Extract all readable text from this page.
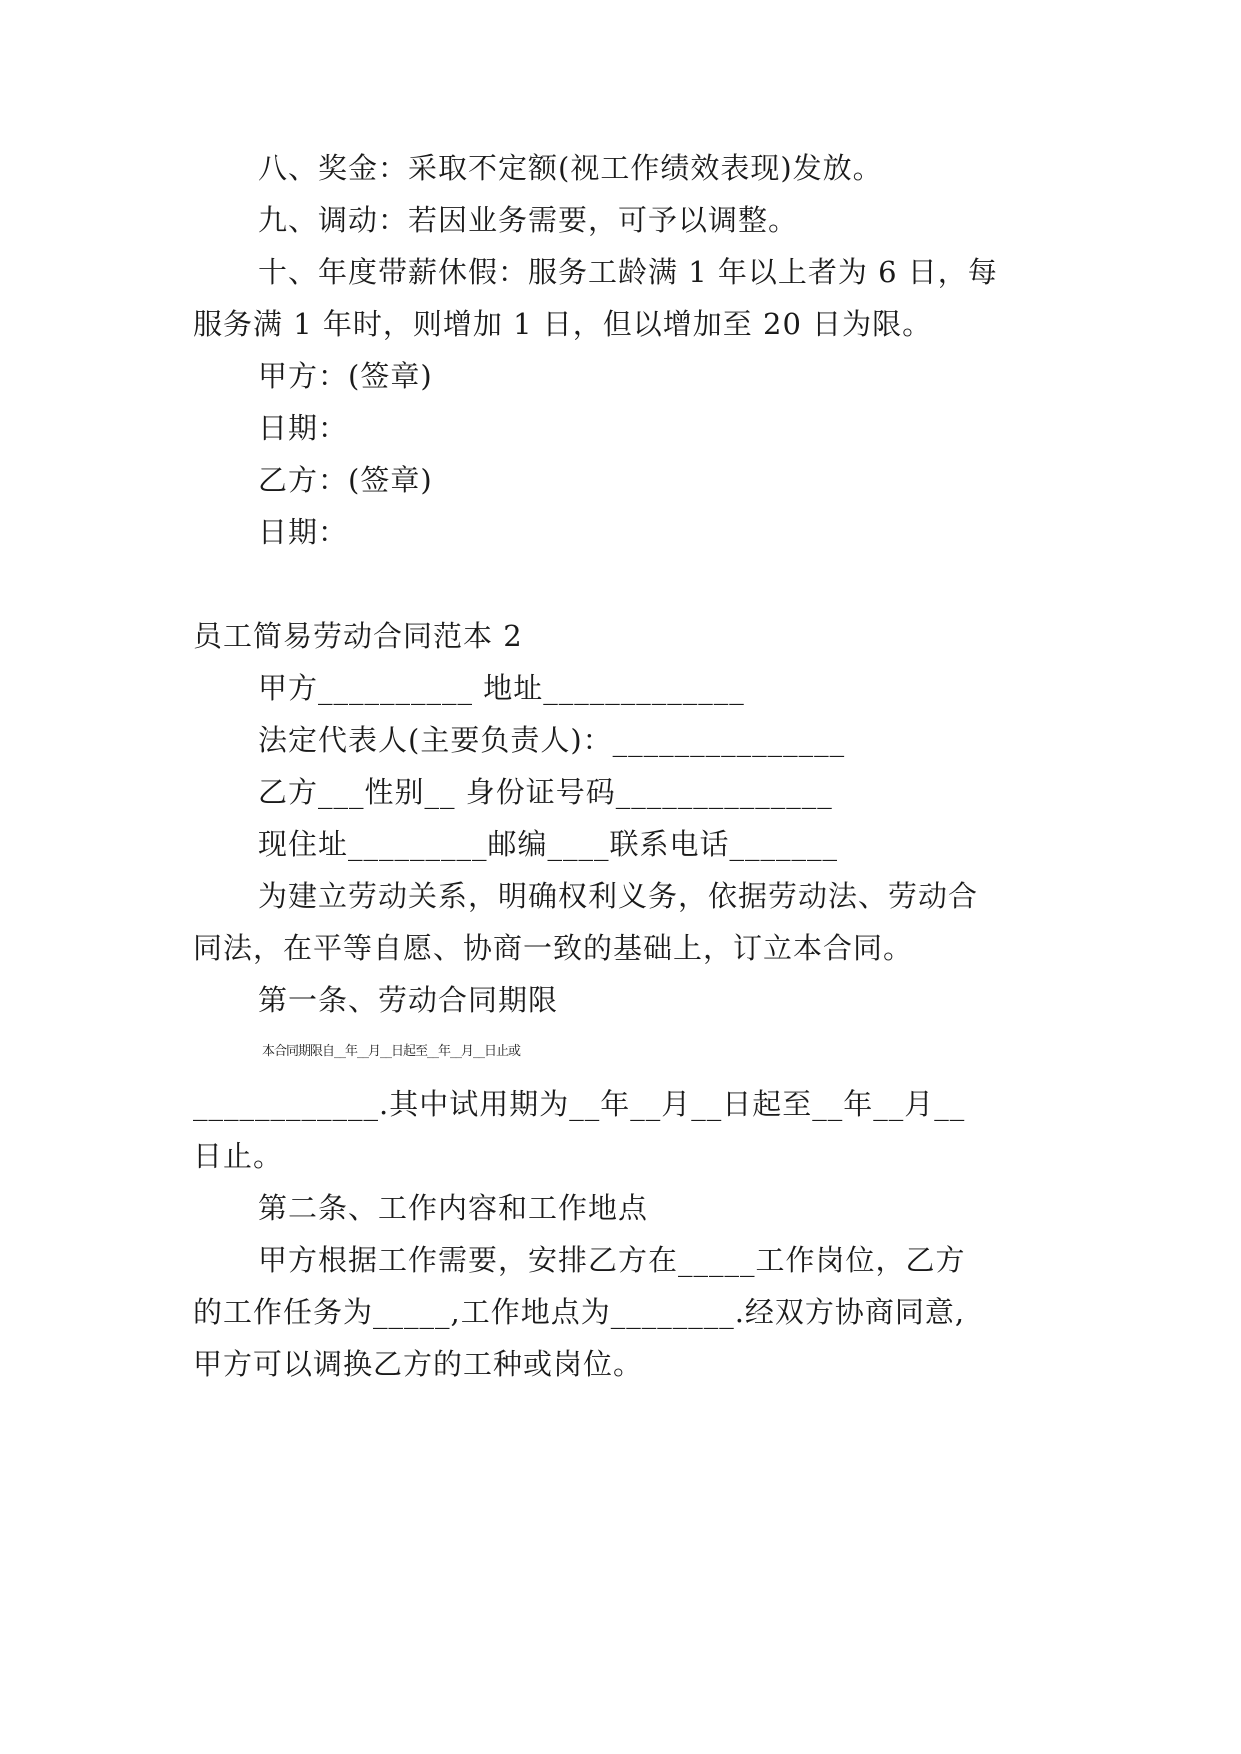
八、奖金：采取不定额(视工作绩效表现)发放。
九、调动：若因业务需要，可予以调整。
十、年度带薪休假：服务工龄满 1 年以上者为 6 日，每
服务满 1 年时，则增加 1 日，但以增加至 20 日为限。
甲方：(签章)
日期：
乙方：(签章)
日期：
员工简易劳动合同范本 2
甲方__________ 地址_____________
法定代表人(主要负责人)：_______________
乙方___性别__ 身份证号码______________
现住址_________邮编____联系电话_______
为建立劳动关系，明确权利义务，依据劳动法、劳动合
同法，在平等自愿、协商一致的基础上，订立本合同。
第一条、劳动合同期限
本合同期限自__年__月__日起至__年__月__日止或
____________.其中试用期为__年__月__日起至__年__月__
日止。
第二条、工作内容和工作地点
甲方根据工作需要，安排乙方在_____工作岗位，乙方
的工作任务为_____,工作地点为________.经双方协商同意,
甲方可以调换乙方的工种或岗位。
